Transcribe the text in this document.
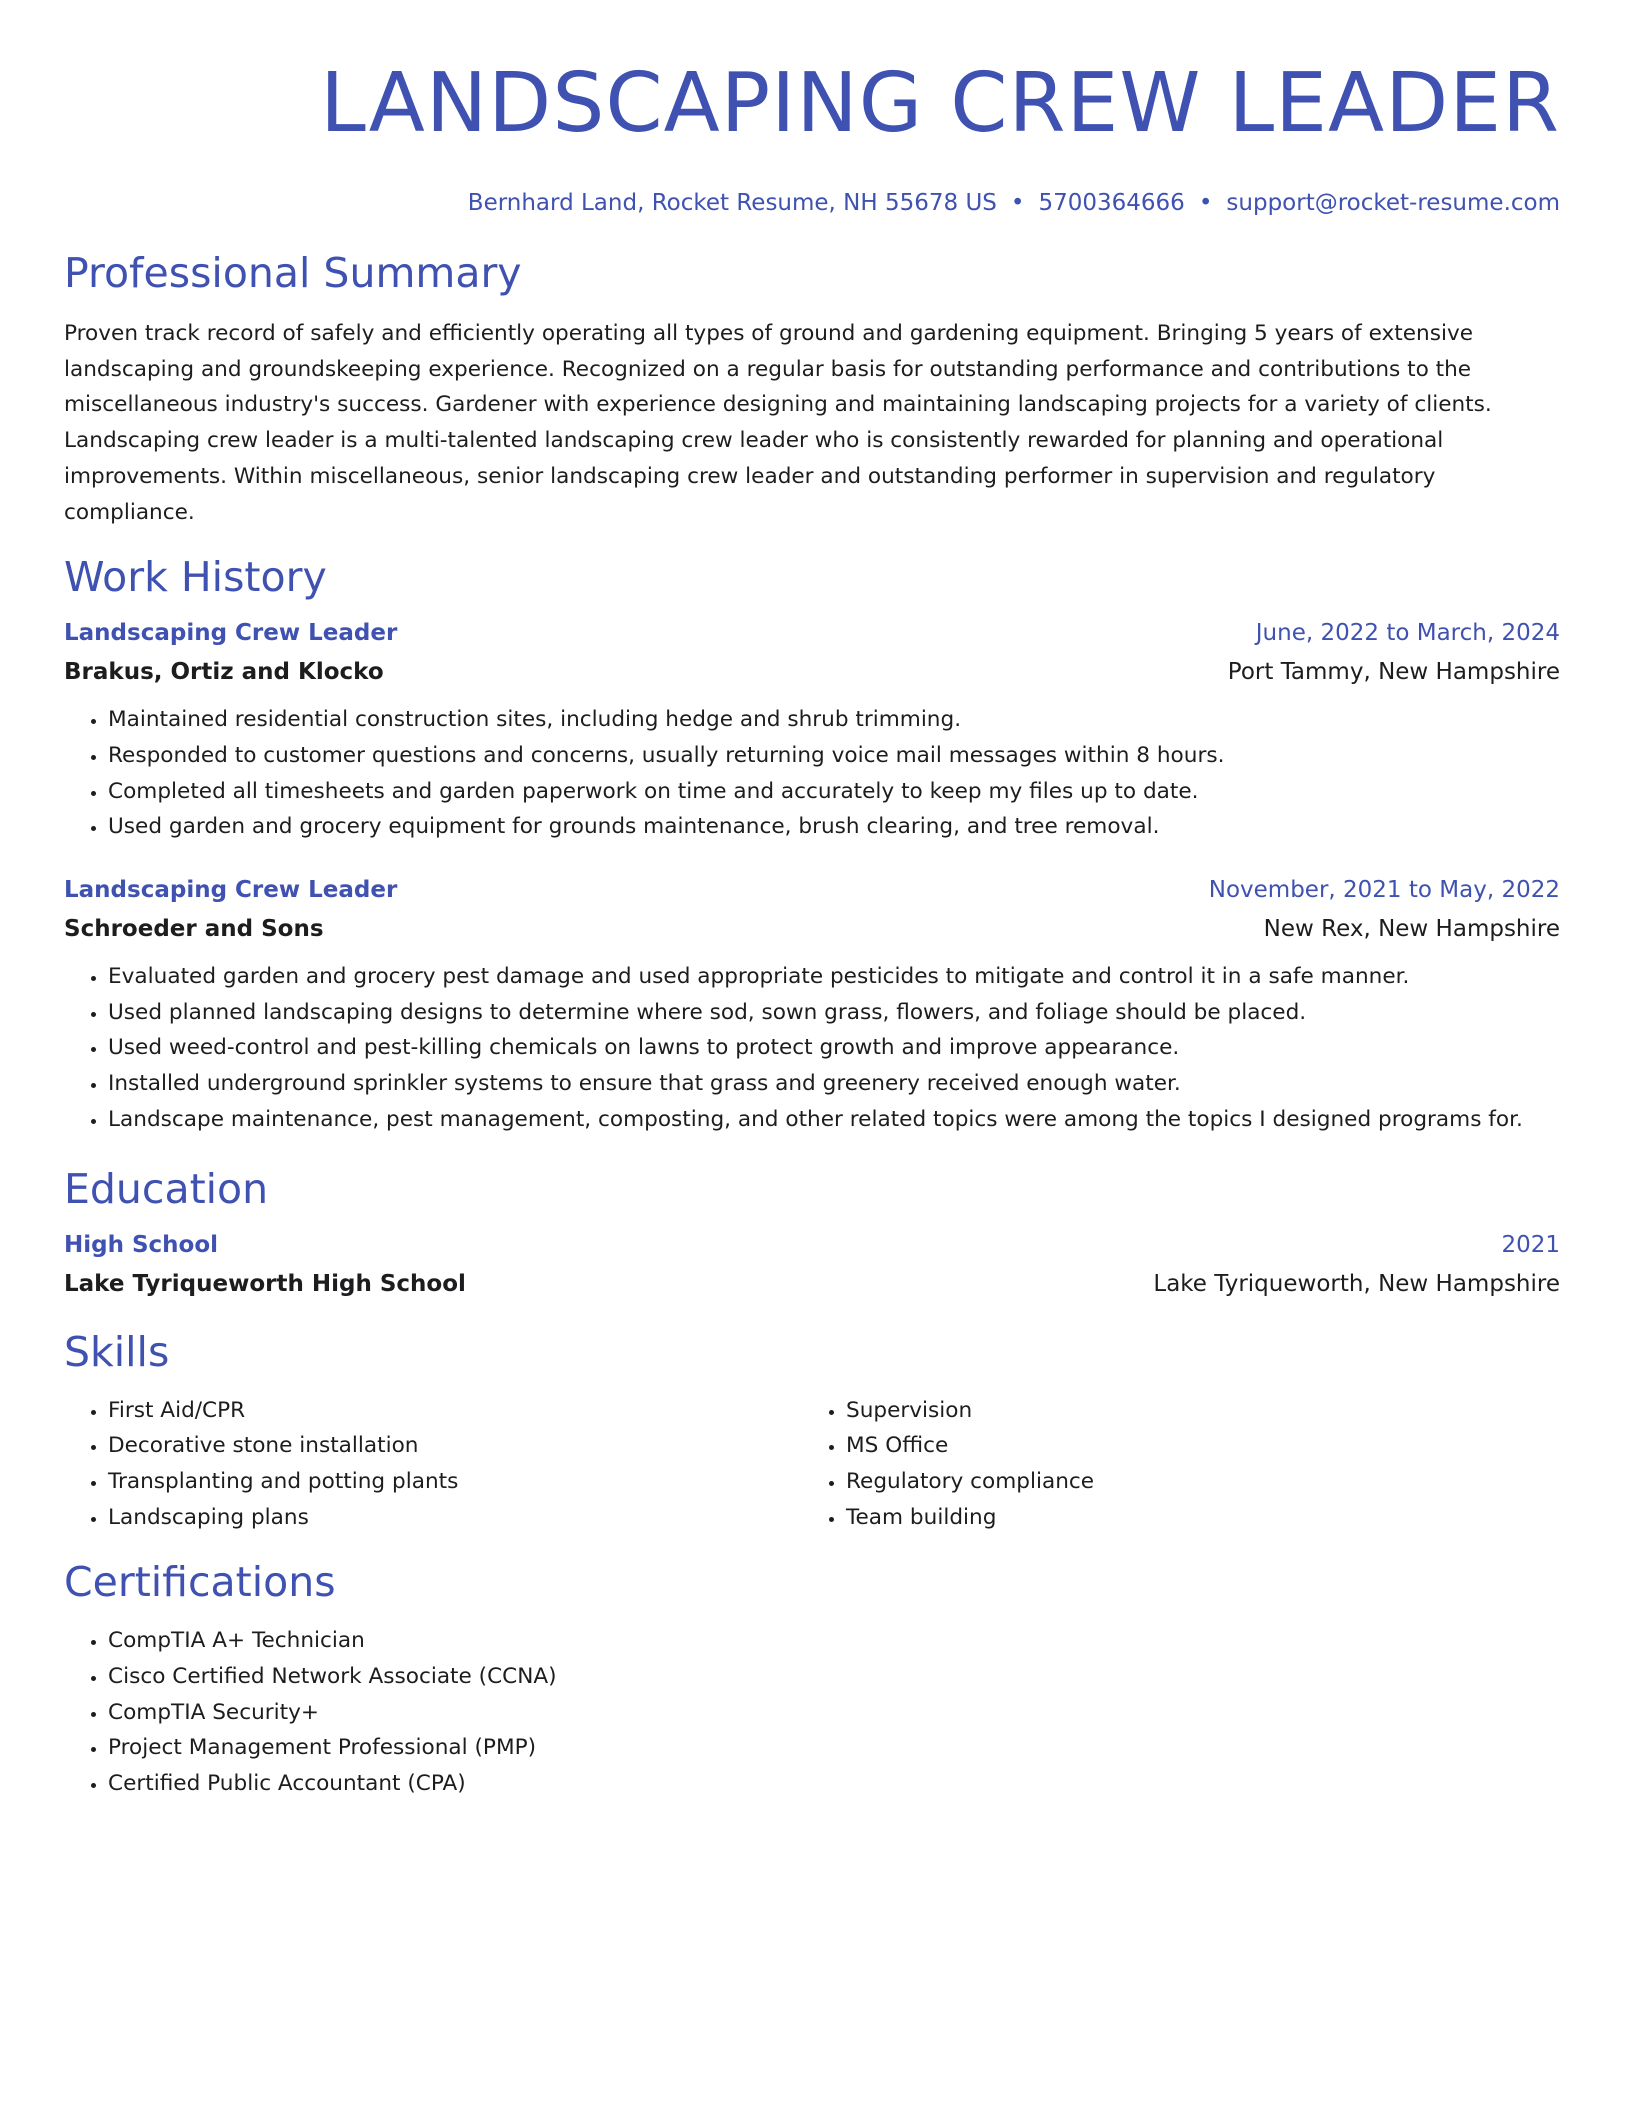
LANDSCAPING CREW LEADER
Bernhard Land, Rocket Resume, NH 55678 US • 5700364666 • support@rocket-resume.com
Professional Summary

Proven track record of safely and efficiently operating all types of ground and gardening equipment. Bringing 5 years of extensive landscaping and groundskeeping experience. Recognized on a regular basis for outstanding performance and contributions to the miscellaneous industry's success. Gardener with experience designing and maintaining landscaping projects for a variety of clients. Landscaping crew leader is a multi-talented landscaping crew leader who is consistently rewarded for planning and operational improvements. Within miscellaneous, senior landscaping crew leader and outstanding performer in supervision and regulatory compliance.

Work History
Landscaping Crew Leader	June, 2022 to March, 2024
Brakus, Ortiz and Klocko	Port Tammy, New Hampshire
• Maintained residential construction sites, including hedge and shrub trimming.
• Responded to customer questions and concerns, usually returning voice mail messages within 8 hours.
• Completed all timesheets and garden paperwork on time and accurately to keep my files up to date.
• Used garden and grocery equipment for grounds maintenance, brush clearing, and tree removal.
Landscaping Crew Leader	November, 2021 to May, 2022
Schroeder and Sons	New Rex, New Hampshire
• Evaluated garden and grocery pest damage and used appropriate pesticides to mitigate and control it in a safe manner.
• Used planned landscaping designs to determine where sod, sown grass, flowers, and foliage should be placed.
• Used weed-control and pest-killing chemicals on lawns to protect growth and improve appearance.
• Installed underground sprinkler systems to ensure that grass and greenery received enough water.
• Landscape maintenance, pest management, composting, and other related topics were among the topics I designed programs for.
Education
High School	2021
Lake Tyriqueworth High School	Lake Tyriqueworth, New Hampshire
Skills
• First Aid/CPR
• Decorative stone installation
• Transplanting and potting plants
• Landscaping plans
• Supervision
• MS Office
• Regulatory compliance
• Team building
Certifications
• CompTIA A+ Technician
• Cisco Certified Network Associate (CCNA)
• CompTIA Security+
• Project Management Professional (PMP)
• Certified Public Accountant (CPA)
